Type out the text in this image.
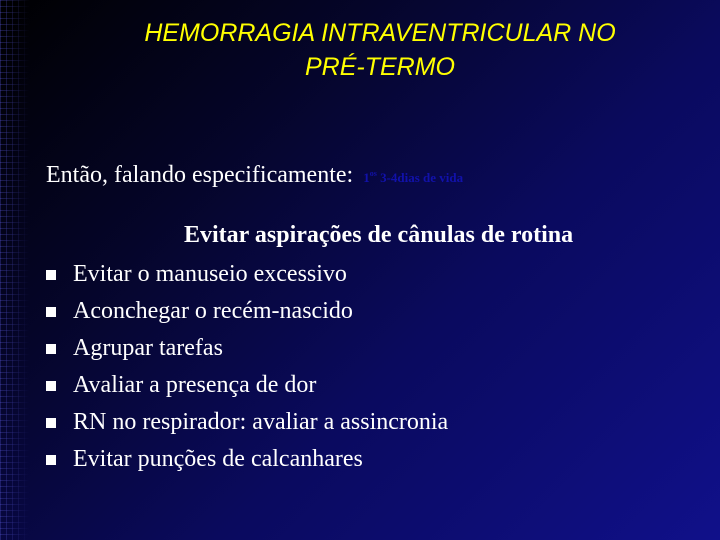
HEMORRAGIA INTRAVENTRICULAR NO
PRÉ-TERMO
Então, falando especificamente: $1^{os}$ 3-4dias de vida
Evitar aspirações de cânulas de rotina
Evitar o manuseio excessivo
Aconchegar o recém-nascido
Agrupar tarefas
Avaliar a presença de dor
RN no respirador: avaliar a assincronia
Evitar punções de calcanhares
